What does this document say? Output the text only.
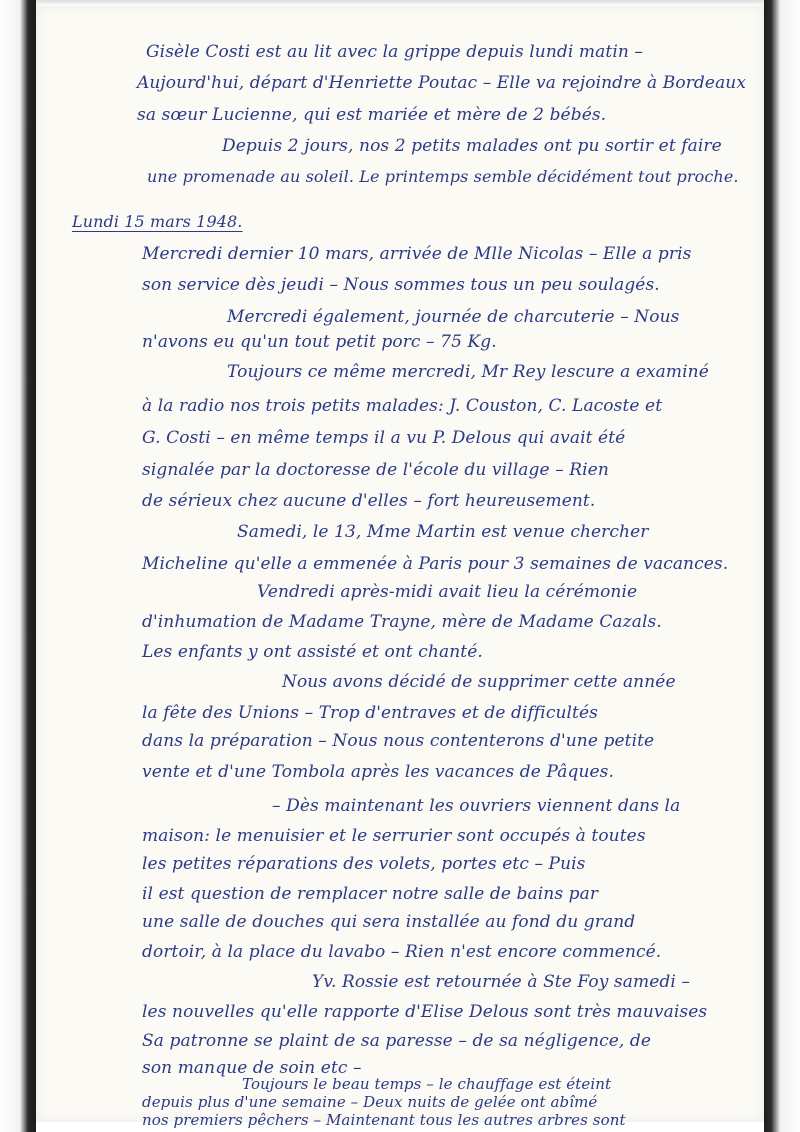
Gisèle Costi est au lit avec la grippe depuis lundi matin –

Aujourd'hui, départ d'Henriette Poutac – Elle va rejoindre à Bordeaux

sa sœur Lucienne, qui est mariée et mère de 2 bébés.

Depuis 2 jours, nos 2 petits malades ont pu sortir et faire

une promenade au soleil. Le printemps semble décidément tout proche.

Lundi 15 mars 1948.

Mercredi dernier 10 mars, arrivée de Mlle Nicolas – Elle a pris

son service dès jeudi – Nous sommes tous un peu soulagés.

Mercredi également, journée de charcuterie – Nous

n'avons eu qu'un tout petit porc – 75 Kg.

Toujours ce même mercredi, Mr Rey lescure a examiné

à la radio nos trois petits malades: J. Couston, C. Lacoste et

G. Costi – en même temps il a vu P. Delous qui avait été

signalée par la doctoresse de l'école du village – Rien

de sérieux chez aucune d'elles – fort heureusement.

Samedi, le 13, Mme Martin est venue chercher

Micheline qu'elle a emmenée à Paris pour 3 semaines de vacances.

Vendredi après-midi avait lieu la cérémonie

d'inhumation de Madame Trayne, mère de Madame Cazals.

Les enfants y ont assisté et ont chanté.

Nous avons décidé de supprimer cette année

la fête des Unions – Trop d'entraves et de difficultés

dans la préparation – Nous nous contenterons d'une petite

vente et d'une Tombola après les vacances de Pâques.

– Dès maintenant les ouvriers viennent dans la

maison: le menuisier et le serrurier sont occupés à toutes

les petites réparations des volets, portes etc – Puis

il est question de remplacer notre salle de bains par

une salle de douches qui sera installée au fond du grand

dortoir, à la place du lavabo – Rien n'est encore commencé.

Yv. Rossie est retournée à Ste Foy samedi –

les nouvelles qu'elle rapporte d'Elise Delous sont très mauvaises

Sa patronne se plaint de sa paresse – de sa négligence, de

son manque de soin etc –

Toujours le beau temps – le chauffage est éteint

depuis plus d'une semaine – Deux nuits de gelée ont abîmé

nos premiers pêchers – Maintenant tous les autres arbres sont
